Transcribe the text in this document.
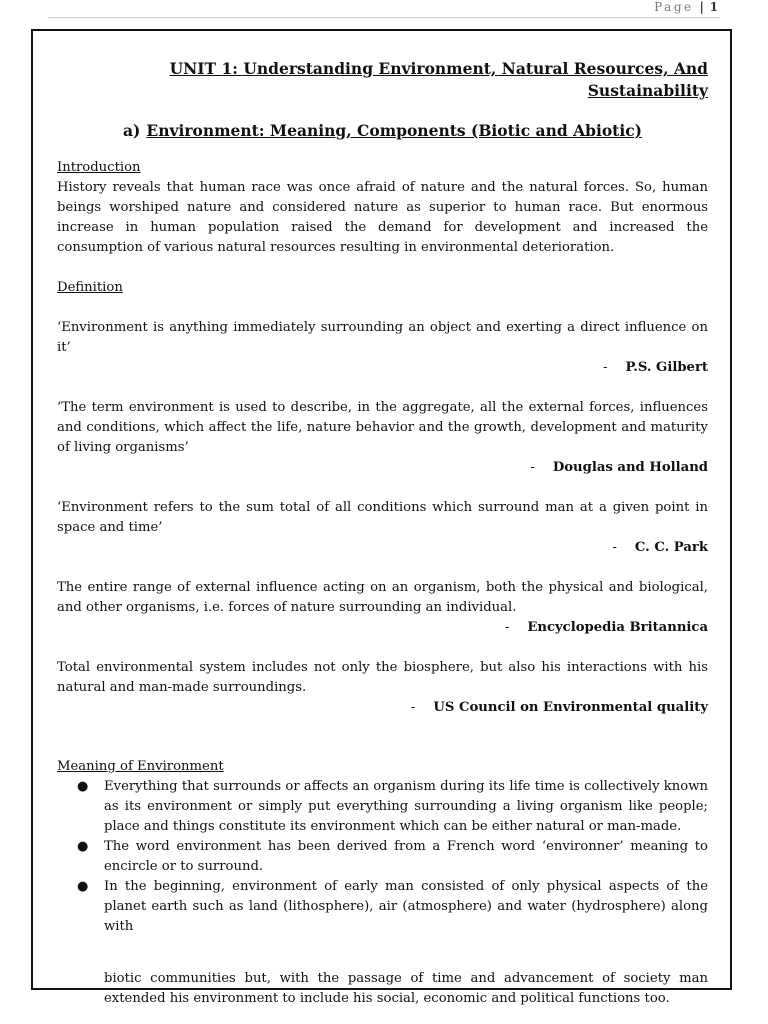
Page | 1
UNIT 1: Understanding Environment, Natural Resources, And Sustainability
a) Environment: Meaning, Components (Biotic and Abiotic)
Introduction

History reveals that human race was once afraid of nature and the natural forces. So, human beings worshiped nature and considered nature as superior to human race. But enormous increase in human population raised the demand for development and increased the consumption of various natural resources resulting in environmental deterioration.

Definition

‘Environment is anything immediately surrounding an object and exerting a direct influence on it’

- P.S. Gilbert

‘The term environment is used to describe, in the aggregate, all the external forces, influences and conditions, which affect the life, nature behavior and the growth, development and maturity of living organisms’

- Douglas and Holland

‘Environment refers to the sum total of all conditions which surround man at a given point in space and time’

- C. C. Park

The entire range of external influence acting on an organism, both the physical and biological, and other organisms, i.e. forces of nature surrounding an individual.

- Encyclopedia Britannica

Total environmental system includes not only the biosphere, but also his interactions with his natural and man-made surroundings.

- US Council on Environmental quality

Meaning of Environment
● Everything that surrounds or affects an organism during its life time is collectively known as its environment or simply put everything surrounding a living organism like people; place and things constitute its environment which can be either natural or man-made.
● The word environment has been derived from a French word ‘environner’ meaning to encircle or to surround.
● In the beginning, environment of early man consisted of only physical aspects of the planet earth such as land (lithosphere), air (atmosphere) and water (hydrosphere) along with

biotic communities but, with the passage of time and advancement of society man extended his environment to include his social, economic and political functions too.
